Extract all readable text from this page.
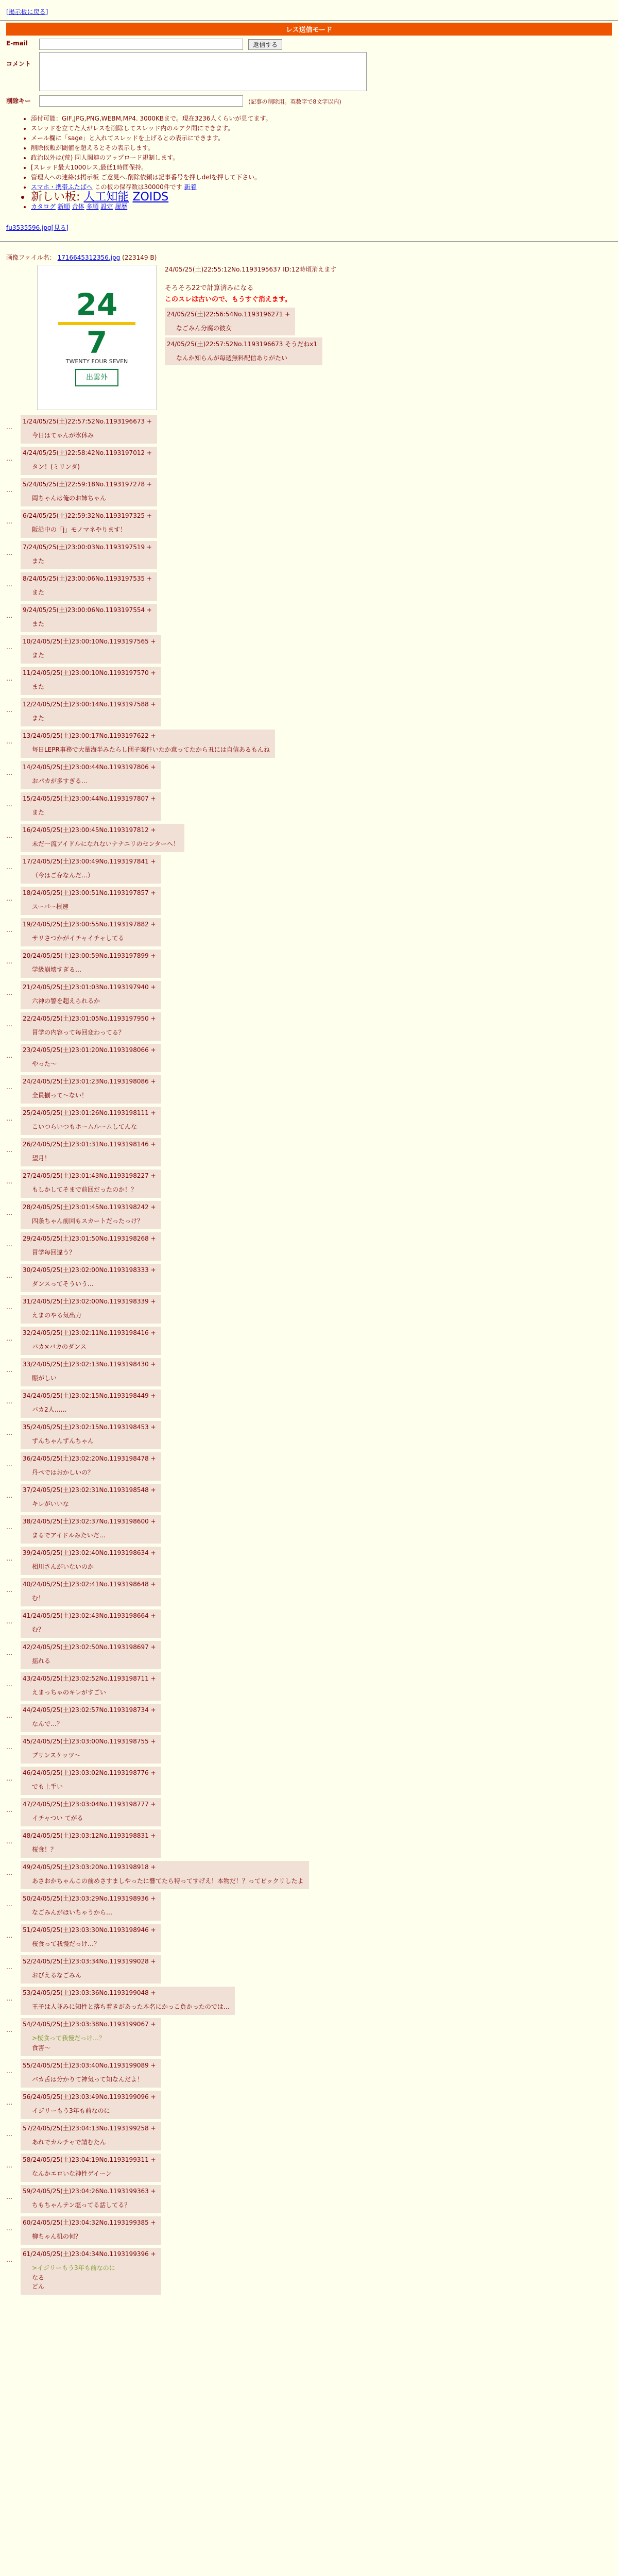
[掲示板に戻る]
レス送信モード
E-mail	返信する
コメント
削除キー	(記事の削除用。英数字で8文字以内)
• 添付可能：GIF,JPG,PNG,WEBM,MP4. 3000KBまで。現在3236人くらいが見てます。
• スレッドを立てた人がレスを削除してスレッド内のルアク間にできます。
• メール欄に「sage」と入れてスレッドを上げるとの表示にできます。
• 削除依頼が閾値を超えるとその表示します。
• 政治以外は(荒) 同人関連のアップロード規制します。
• [スレッド最大1000レス,最低1時間保持。
• 管理人への連絡は掲示板 ご意見へ.削除依頼は記事番号を押しdelを押して下さい。
• スマホ・携帯ふたばへ この板の保存数は30000件です 新着
• 新しい板: 人工知能 ZOIDS
• カタログ 新順 合体 多順 設定 履歴
fu3535596.jpg[見る]
画像ファイル名： 1716645312356.jpg (223149 B)
24
7
TWENTY FOUR SEVEN
出雲外
24/05/25(土)22:55:12No.1193195637 ID:12時頃消えます
そろそろ22で計算済みになる
このスレは古いので、もうすぐ消えます。
24/05/25(土)22:56:54No.1193196271 +
なごみん分腐の彼女
24/05/25(土)22:57:52No.1193196673 そうだねx1
なんか知らんが毎週無料配信ありがたい
…
1/24/05/25(土)22:57:52No.1193196673 +
今日はてゃんが氷休み
…
4/24/05/25(土)22:58:42No.1193197012 +
タン！(ミリンダ)
…
5/24/05/25(土)22:59:18No.1193197278 +
岡ちゃんは俺のお姉ちゃん
…
6/24/05/25(土)22:59:32No.1193197325 +
阪沿中の「j」モノマネやります！
…
7/24/05/25(土)23:00:03No.1193197519 +
また
…
8/24/05/25(土)23:00:06No.1193197535 +
また
…
9/24/05/25(土)23:00:06No.1193197554 +
また
…
10/24/05/25(土)23:00:10No.1193197565 +
また
…
11/24/05/25(土)23:00:10No.1193197570 +
また
…
12/24/05/25(土)23:00:14No.1193197588 +
また
…
13/24/05/25(土)23:00:17No.1193197622 +
毎日LEPR事務で大量海半みたらし団子案件いたか意ってたから丑には自信あるもんね
…
14/24/05/25(土)23:00:44No.1193197806 +
おパカが多すぎる…
…
15/24/05/25(土)23:00:44No.1193197807 +
また
…
16/24/05/25(土)23:00:45No.1193197812 +
未だ一流アイドルになれないナナニリのセンターへ！
…
17/24/05/25(土)23:00:49No.1193197841 +
（今はご存なんだ…）
…
18/24/05/25(土)23:00:51No.1193197857 +
スーパー根速
…
19/24/05/25(土)23:00:55No.1193197882 +
サリさつかがイチャイチャしてる
…
20/24/05/25(土)23:00:59No.1193197899 +
学級崩壊すぎる…
…
21/24/05/25(土)23:01:03No.1193197940 +
六神の警を超えられるか
…
22/24/05/25(土)23:01:05No.1193197950 +
冒学の内容って毎回変わってる？
…
23/24/05/25(土)23:01:20No.1193198066 +
やった～
…
24/24/05/25(土)23:01:23No.1193198086 +
全員揃って～ない！
…
25/24/05/25(土)23:01:26No.1193198111 +
こいつらいつもホームルームしてんな
…
26/24/05/25(土)23:01:31No.1193198146 +
望月！
…
27/24/05/25(土)23:01:43No.1193198227 +
もしかしてそまで前回だったのか！？
…
28/24/05/25(土)23:01:45No.1193198242 +
四条ちゃん前回もスカートだったっけ？
…
29/24/05/25(土)23:01:50No.1193198268 +
冒学毎回違う？
…
30/24/05/25(土)23:02:00No.1193198333 +
ダンスってそういう…
…
31/24/05/25(土)23:02:00No.1193198339 +
えまのやる気出力
…
32/24/05/25(土)23:02:11No.1193198416 +
バカ×バカのダンス
…
33/24/05/25(土)23:02:13No.1193198430 +
賑がしい
…
34/24/05/25(土)23:02:15No.1193198449 +
バカ2人……
…
35/24/05/25(土)23:02:15No.1193198453 +
ずんちゃんずんちゃん
…
36/24/05/25(土)23:02:20No.1193198478 +
丹ペではおかしいの？
…
37/24/05/25(土)23:02:31No.1193198548 +
キレがいいな
…
38/24/05/25(土)23:02:37No.1193198600 +
まるでアイドルみたいだ…
…
39/24/05/25(土)23:02:40No.1193198634 +
相川さんがいないのか
…
40/24/05/25(土)23:02:41No.1193198648 +
む！
…
41/24/05/25(土)23:02:43No.1193198664 +
む？
…
42/24/05/25(土)23:02:50No.1193198697 +
揺れる
…
43/24/05/25(土)23:02:52No.1193198711 +
えまっちゃのキレがすごい
…
44/24/05/25(土)23:02:57No.1193198734 +
なんで…？
…
45/24/05/25(土)23:03:00No.1193198755 +
プリンスケッツ～
…
46/24/05/25(土)23:03:02No.1193198776 +
でも上手い
…
47/24/05/25(土)23:03:04No.1193198777 +
イチャつい てがる
…
48/24/05/25(土)23:03:12No.1193198831 +
桜食！？
…
49/24/05/25(土)23:03:20No.1193198918 +
あさおかちゃんこの前めさすましやったに響てたら特ってすげえ！本物だ！？ってビックリしたよ
…
50/24/05/25(土)23:03:29No.1193198936 +
なごみんがほいちゃうから…
…
51/24/05/25(土)23:03:30No.1193198946 +
桜食って我慢だっけ…？
…
52/24/05/25(土)23:03:34No.1193199028 +
おびえるなごみん
…
53/24/05/25(土)23:03:36No.1193199048 +
王子は人並みに知性と落ち着きがあった本名にかっこ負かったのでは…
…
54/24/05/25(土)23:03:38No.1193199067 +
>桜食って我慢だっけ…？
食害～
…
55/24/05/25(土)23:03:40No.1193199089 +
バカ舌は分かりて神気って知なんだよ！
…
56/24/05/25(土)23:03:49No.1193199096 +
イジリーもう3年も前なのに
…
57/24/05/25(土)23:04:13No.1193199258 +
あれでカルチャで請むたん
…
58/24/05/25(土)23:04:19No.1193199311 +
なんかエロいな神性ゲイーン
…
59/24/05/25(土)23:04:26No.1193199363 +
ちもちゃんテン塩ってる話してる？
…
60/24/05/25(土)23:04:32No.1193199385 +
柳ちゃん机の何？
…
61/24/05/25(土)23:04:34No.1193199396 +
>イジリーもう3年も前なのに
なる
どん
